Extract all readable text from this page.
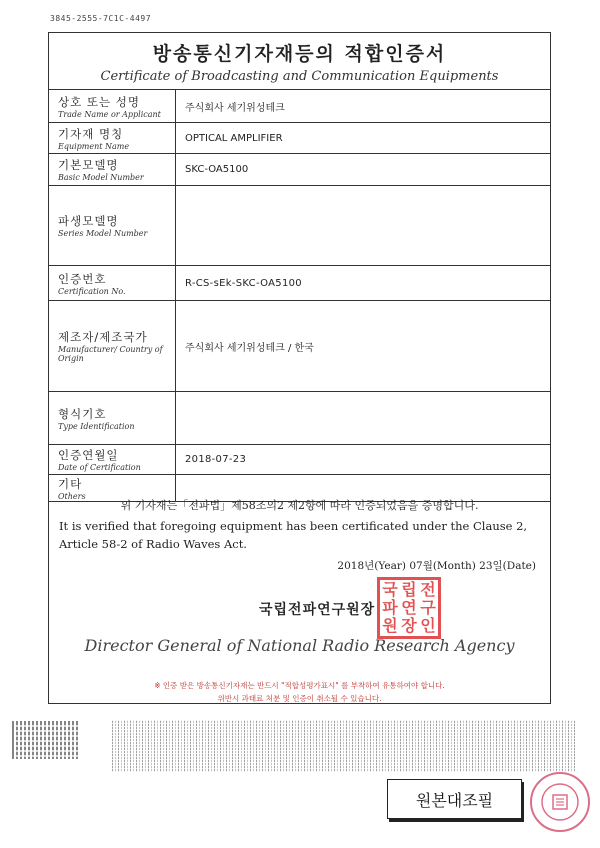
3845-2555-7C1C-4497
방송통신기자재등의 적합인증서
Certificate of Broadcasting and Communication Equipments
상호 또는 성명
Trade Name or Applicant	주식회사 세기위성테크

기자재 명칭
Equipment Name	OPTICAL AMPLIFIER

기본모델명
Basic Model Number	SKC-OA5100

파생모델명
Series Model Number	

인증번호
Certification No.	R-CS-sEk-SKC-OA5100

제조자/제조국가
Manufacturer/ Country of Origin	주식회사 세기위성테크 / 한국

형식기호
Type Identification	

인증연월일
Date of Certification	2018-07-23

기타
Others	

위 기자재는「전파법」제58조의2 제2항에 따라 인증되었음을 증명합니다.
It is verified that foregoing equipment has been certificated under the Clause 2, Article 58-2 of Radio Waves Act.
2018년(Year) 07월(Month) 23일(Date)
국립전파연구원장
국 립 전
파 연 구
원 장 인
Director General of National Radio Research Agency
※ 인증 받은 방송통신기자재는 반드시 "적합성평가표시" 를 부착하여 유통하여야 합니다.
위반시 과태료 처분 및 인증이 취소될 수 있습니다.
원본대조필
